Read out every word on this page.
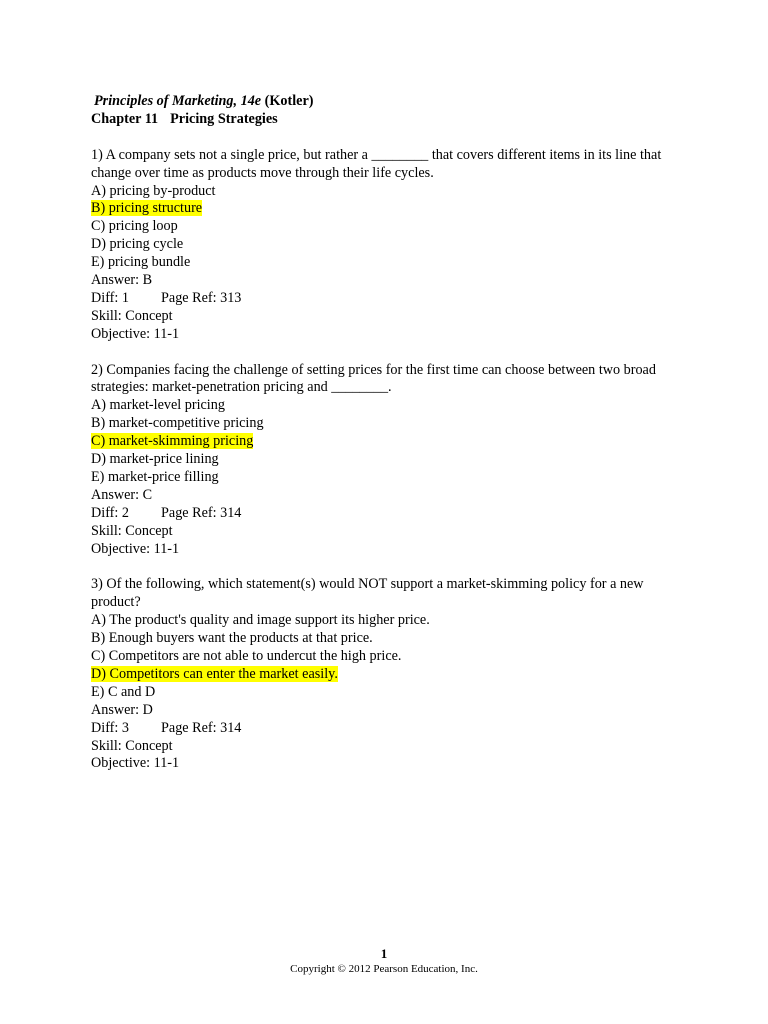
Principles of Marketing, 14e (Kotler)
Chapter 11 Pricing Strategies
1) A company sets not a single price, but rather a ________ that covers different items in its line that change over time as products move through their life cycles.
A) pricing by-product
B) pricing structure
C) pricing loop
D) pricing cycle
E) pricing bundle
Answer: B
Diff: 1 Page Ref: 313
Skill: Concept
Objective: 11-1
2) Companies facing the challenge of setting prices for the first time can choose between two broad strategies: market-penetration pricing and ________.
A) market-level pricing
B) market-competitive pricing
C) market-skimming pricing
D) market-price lining
E) market-price filling
Answer: C
Diff: 2 Page Ref: 314
Skill: Concept
Objective: 11-1
3) Of the following, which statement(s) would NOT support a market-skimming policy for a new product?
A) The product's quality and image support its higher price.
B) Enough buyers want the products at that price.
C) Competitors are not able to undercut the high price.
D) Competitors can enter the market easily.
E) C and D
Answer: D
Diff: 3 Page Ref: 314
Skill: Concept
Objective: 11-1
1
Copyright © 2012 Pearson Education, Inc.
